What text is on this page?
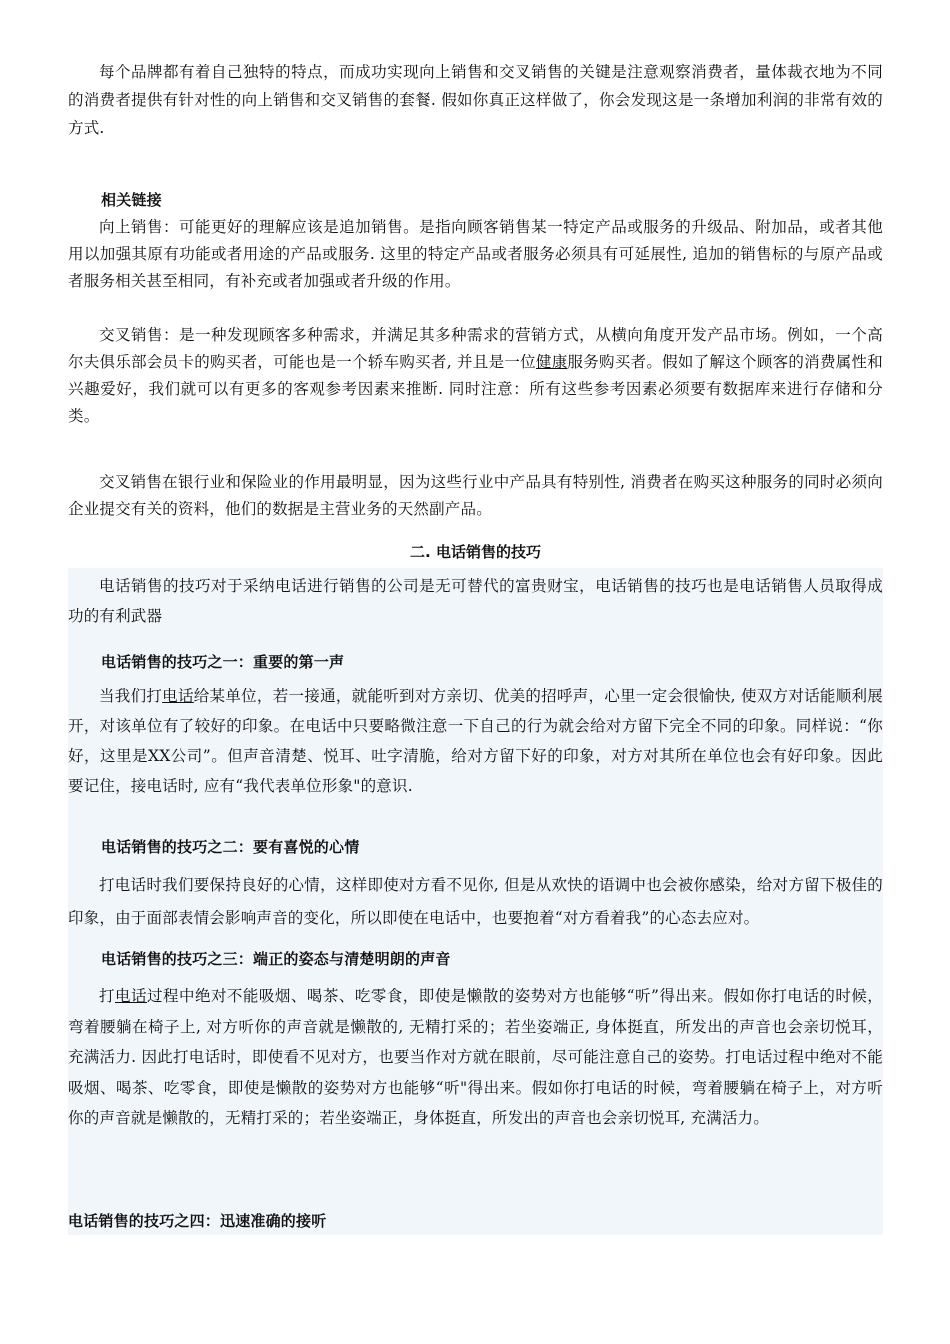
每个品牌都有着自己独特的特点，而成功实现向上销售和交叉销售的关键是注意观察消费者，量体裁衣地为不同的消费者提供有针对性的向上销售和交叉销售的套餐. 假如你真正这样做了，你会发现这是一条增加利润的非常有效的方式.

相关链接

向上销售：可能更好的理解应该是追加销售。是指向顾客销售某一特定产品或服务的升级品、附加品，或者其他用以加强其原有功能或者用途的产品或服务. 这里的特定产品或者服务必须具有可延展性, 追加的销售标的与原产品或者服务相关甚至相同，有补充或者加强或者升级的作用。

交叉销售：是一种发现顾客多种需求，并满足其多种需求的营销方式，从横向角度开发产品市场。例如，一个高尔夫俱乐部会员卡的购买者，可能也是一个轿车购买者, 并且是一位健康服务购买者。假如了解这个顾客的消费属性和兴趣爱好，我们就可以有更多的客观参考因素来推断. 同时注意：所有这些参考因素必须要有数据库来进行存储和分类。

交叉销售在银行业和保险业的作用最明显，因为这些行业中产品具有特别性, 消费者在购买这种服务的同时必须向企业提交有关的资料，他们的数据是主营业务的天然副产品。

二. 电话销售的技巧

电话销售的技巧对于采纳电话进行销售的公司是无可替代的富贵财宝，电话销售的技巧也是电话销售人员取得成功的有利武器

电话销售的技巧之一：重要的第一声

当我们打电话给某单位，若一接通，就能听到对方亲切、优美的招呼声，心里一定会很愉快, 使双方对话能顺利展开，对该单位有了较好的印象。在电话中只要略微注意一下自己的行为就会给对方留下完全不同的印象。同样说：“你好，这里是XX公司”。但声音清楚、悦耳、吐字清脆，给对方留下好的印象，对方对其所在单位也会有好印象。因此要记住，接电话时, 应有“我代表单位形象"的意识.

电话销售的技巧之二：要有喜悦的心情

打电话时我们要保持良好的心情，这样即使对方看不见你, 但是从欢快的语调中也会被你感染，给对方留下极佳的印象，由于面部表情会影响声音的变化，所以即使在电话中，也要抱着“对方看着我”的心态去应对。

电话销售的技巧之三：端正的姿态与清楚明朗的声音

打电话过程中绝对不能吸烟、喝茶、吃零食，即使是懒散的姿势对方也能够“听”得出来。假如你打电话的时候，弯着腰躺在椅子上, 对方听你的声音就是懒散的, 无精打采的；若坐姿端正, 身体挺直，所发出的声音也会亲切悦耳，充满活力. 因此打电话时，即使看不见对方，也要当作对方就在眼前，尽可能注意自己的姿势。打电话过程中绝对不能吸烟、喝茶、吃零食，即使是懒散的姿势对方也能够“听"得出来。假如你打电话的时候，弯着腰躺在椅子上，对方听你的声音就是懒散的，无精打采的；若坐姿端正，身体挺直，所发出的声音也会亲切悦耳, 充满活力。

电话销售的技巧之四：迅速准确的接听
